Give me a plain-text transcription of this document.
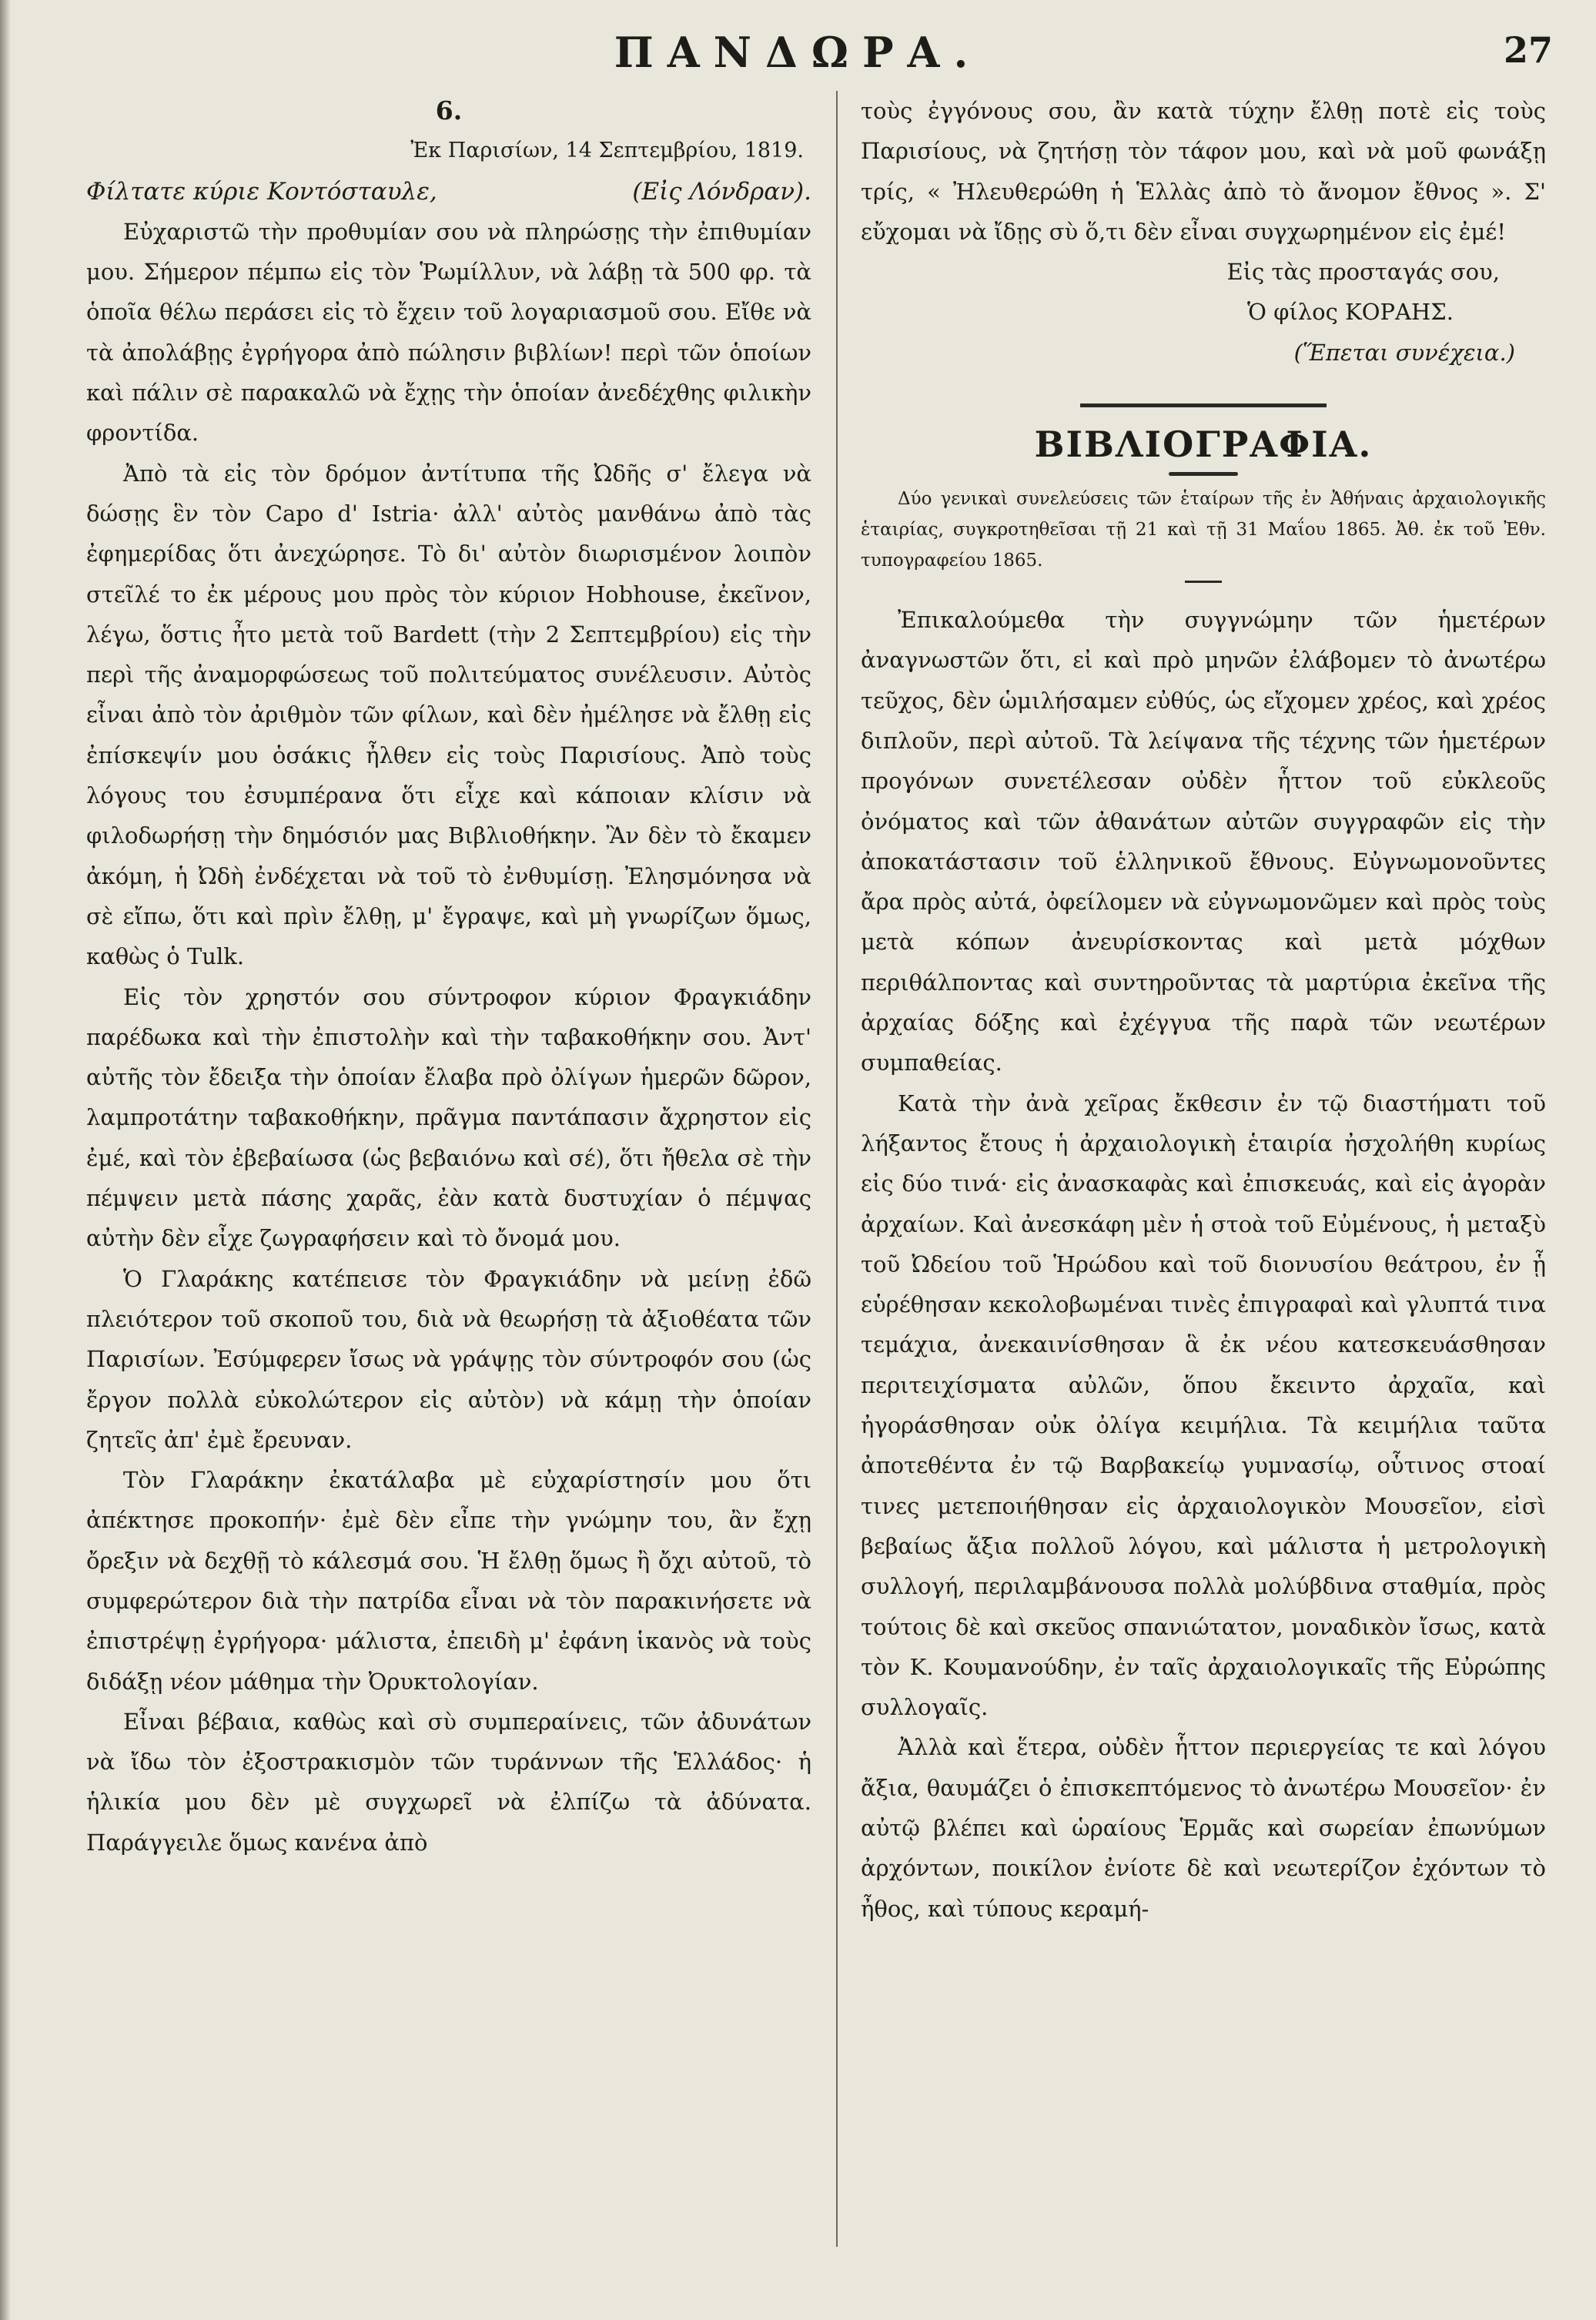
ΠΑΝΔΩΡΑ.	27

6.

Ἐκ Παρισίων, 14 Σεπτεμβρίου, 1819.

Φίλτατε κύριε Κοντόσταυλε,	(Εἰς Λόνδραν).

Εὐχαριστῶ τὴν προθυμίαν σου νὰ πληρώσῃς τὴν ἐπιθυμίαν μου. Σήμερον πέμπω εἰς τὸν Ῥωμίλλυν, νὰ λάβῃ τὰ 500 φρ. τὰ ὁποῖα θέλω περάσει εἰς τὸ ἔχειν τοῦ λογαριασμοῦ σου. Εἴθε νὰ τὰ ἀπολάβῃς ἐγρήγορα ἀπὸ πώλησιν βιβλίων! περὶ τῶν ὁποίων καὶ πάλιν σὲ παρακαλῶ νὰ ἔχῃς τὴν ὁποίαν ἀνεδέχθης φιλικὴν φροντίδα.

Ἀπὸ τὰ εἰς τὸν δρόμον ἀντίτυπα τῆς Ὠδῆς σ' ἔλεγα νὰ δώσῃς ἓν τὸν Capo d' Istria· ἀλλ' αὐτὸς μανθάνω ἀπὸ τὰς ἐφημερίδας ὅτι ἀνεχώρησε. Τὸ δι' αὐτὸν διωρισμένον λοιπὸν στεῖλέ το ἐκ μέρους μου πρὸς τὸν κύριον Hobhouse, ἐκεῖνον, λέγω, ὅστις ἦτο μετὰ τοῦ Bardett (τὴν 2 Σεπτεμβρίου) εἰς τὴν περὶ τῆς ἀναμορφώσεως τοῦ πολιτεύματος συνέλευσιν. Αὐτὸς εἶναι ἀπὸ τὸν ἀριθμὸν τῶν φίλων, καὶ δὲν ἠμέλησε νὰ ἔλθῃ εἰς ἐπίσκεψίν μου ὁσάκις ἦλθεν εἰς τοὺς Παρισίους. Ἀπὸ τοὺς λόγους του ἐσυμπέρανα ὅτι εἶχε καὶ κάποιαν κλίσιν νὰ φιλοδωρήσῃ τὴν δημόσιόν μας Βιβλιοθήκην. Ἂν δὲν τὸ ἔκαμεν ἀκόμη, ἡ Ὠδὴ ἐνδέχεται νὰ τοῦ τὸ ἐνθυμίσῃ. Ἐλησμόνησα νὰ σὲ εἴπω, ὅτι καὶ πρὶν ἔλθῃ, μ' ἔγραψε, καὶ μὴ γνωρίζων ὅμως, καθὼς ὁ Tulk.

Εἰς τὸν χρηστόν σου σύντροφον κύριον Φραγκιάδην παρέδωκα καὶ τὴν ἐπιστολὴν καὶ τὴν ταβακοθήκην σου. Ἀντ' αὐτῆς τὸν ἔδειξα τὴν ὁποίαν ἔλαβα πρὸ ὀλίγων ἡμερῶν δῶρον, λαμπροτάτην ταβακοθήκην, πρᾶγμα παντάπασιν ἄχρηστον εἰς ἐμέ, καὶ τὸν ἐβεβαίωσα (ὡς βεβαιόνω καὶ σέ), ὅτι ἤθελα σὲ τὴν πέμψειν μετὰ πάσης χαρᾶς, ἐὰν κατὰ δυστυχίαν ὁ πέμψας αὐτὴν δὲν εἶχε ζωγραφήσειν καὶ τὸ ὄνομά μου.

Ὁ Γλαράκης κατέπεισε τὸν Φραγκιάδην νὰ μείνῃ ἐδῶ πλειότερον τοῦ σκοποῦ του, διὰ νὰ θεωρήσῃ τὰ ἀξιοθέατα τῶν Παρισίων. Ἐσύμφερεν ἴσως νὰ γράψῃς τὸν σύντροφόν σου (ὡς ἔργον πολλὰ εὐκολώτερον εἰς αὐτὸν) νὰ κάμῃ τὴν ὁποίαν ζητεῖς ἀπ' ἐμὲ ἔρευναν.

Τὸν Γλαράκην ἐκατάλαβα μὲ εὐχαρίστησίν μου ὅτι ἀπέκτησε προκοπήν· ἐμὲ δὲν εἶπε τὴν γνώμην του, ἂν ἔχῃ ὄρεξιν νὰ δεχθῇ τὸ κάλεσμά σου. Ἡ ἔλθῃ ὅμως ἢ ὄχι αὐτοῦ, τὸ συμφερώτερον διὰ τὴν πατρίδα εἶναι νὰ τὸν παρακινήσετε νὰ ἐπιστρέψῃ ἐγρήγορα· μάλιστα, ἐπειδὴ μ' ἐφάνη ἱκανὸς νὰ τοὺς διδάξῃ νέον μάθημα τὴν Ὀρυκτολογίαν.

Εἶναι βέβαια, καθὼς καὶ σὺ συμπεραίνεις, τῶν ἀδυνάτων νὰ ἴδω τὸν ἐξοστρακισμὸν τῶν τυράννων τῆς Ἑλλάδος· ἡ ἡλικία μου δὲν μὲ συγχωρεῖ νὰ ἐλπίζω τὰ ἀδύνατα. Παράγγειλε ὅμως κανένα ἀπὸ

τοὺς ἐγγόνους σου, ἂν κατὰ τύχην ἔλθῃ ποτὲ εἰς τοὺς Παρισίους, νὰ ζητήσῃ τὸν τάφον μου, καὶ νὰ μοῦ φωνάξῃ τρίς, « Ἠλευθερώθη ἡ Ἑλλὰς ἀπὸ τὸ ἄνομον ἔθνος ». Σ' εὔχομαι νὰ ἴδῃς σὺ ὅ,τι δὲν εἶναι συγχωρημένον εἰς ἐμέ!

Εἰς τὰς προσταγάς σου,

Ὁ φίλος ΚΟΡΑΗΣ.

(Ἕπεται συνέχεια.)

ΒΙΒΛΙΟΓΡΑΦΙΑ.

Δύο γενικαὶ συνελεύσεις τῶν ἑταίρων τῆς ἐν Ἀθήναις ἀρχαιολογικῆς ἑταιρίας, συγκροτηθεῖσαι τῇ 21 καὶ τῇ 31 Μαΐου 1865. Ἀθ. ἐκ τοῦ Ἐθν. τυπογραφείου 1865.

Ἐπικαλούμεθα τὴν συγγνώμην τῶν ἡμετέρων ἀναγνωστῶν ὅτι, εἰ καὶ πρὸ μηνῶν ἐλάβομεν τὸ ἀνωτέρω τεῦχος, δὲν ὡμιλήσαμεν εὐθύς, ὡς εἴχομεν χρέος, καὶ χρέος διπλοῦν, περὶ αὐτοῦ. Τὰ λείψανα τῆς τέχνης τῶν ἡμετέρων προγόνων συνετέλεσαν οὐδὲν ἧττον τοῦ εὐκλεοῦς ὀνόματος καὶ τῶν ἀθανάτων αὐτῶν συγγραφῶν εἰς τὴν ἀποκατάστασιν τοῦ ἑλληνικοῦ ἔθνους. Εὐγνωμονοῦντες ἄρα πρὸς αὐτά, ὀφείλομεν νὰ εὐγνωμονῶμεν καὶ πρὸς τοὺς μετὰ κόπων ἀνευρίσκοντας καὶ μετὰ μόχθων περιθάλποντας καὶ συντηροῦντας τὰ μαρτύρια ἐκεῖνα τῆς ἀρχαίας δόξης καὶ ἐχέγγυα τῆς παρὰ τῶν νεωτέρων συμπαθείας.

Κατὰ τὴν ἀνὰ χεῖρας ἔκθεσιν ἐν τῷ διαστήματι τοῦ λήξαντος ἔτους ἡ ἀρχαιολογικὴ ἑταιρία ἠσχολήθη κυρίως εἰς δύο τινά· εἰς ἀνασκαφὰς καὶ ἐπισκευάς, καὶ εἰς ἀγορὰν ἀρχαίων. Καὶ ἀνεσκάφη μὲν ἡ στοὰ τοῦ Εὐμένους, ἡ μεταξὺ τοῦ Ὠδείου τοῦ Ἡρώδου καὶ τοῦ διονυσίου θεάτρου, ἐν ᾗ εὑρέθησαν κεκολοβωμέναι τινὲς ἐπιγραφαὶ καὶ γλυπτά τινα τεμάχια, ἀνεκαινίσθησαν ἃ ἐκ νέου κατεσκευάσθησαν περιτειχίσματα αὐλῶν, ὅπου ἔκειντο ἀρχαῖα, καὶ ἠγοράσθησαν οὐκ ὀλίγα κειμήλια. Τὰ κειμήλια ταῦτα ἀποτεθέντα ἐν τῷ Βαρβακείῳ γυμνασίῳ, οὗτινος στοαί τινες μετεποιήθησαν εἰς ἀρχαιολογικὸν Μουσεῖον, εἰσὶ βεβαίως ἄξια πολλοῦ λόγου, καὶ μάλιστα ἡ μετρολογικὴ συλλογή, περιλαμβάνουσα πολλὰ μολύβδινα σταθμία, πρὸς τούτοις δὲ καὶ σκεῦος σπανιώτατον, μοναδικὸν ἴσως, κατὰ τὸν Κ. Κουμανούδην, ἐν ταῖς ἀρχαιολογικαῖς τῆς Εὐρώπης συλλογαῖς.

Ἀλλὰ καὶ ἕτερα, οὐδὲν ἧττον περιεργείας τε καὶ λόγου ἄξια, θαυμάζει ὁ ἐπισκεπτόμενος τὸ ἀνωτέρω Μουσεῖον· ἐν αὐτῷ βλέπει καὶ ὡραίους Ἑρμᾶς καὶ σωρείαν ἐπωνύμων ἀρχόντων, ποικίλον ἐνίοτε δὲ καὶ νεωτερίζον ἐχόντων τὸ ἦθος, καὶ τύπους κεραμή-
